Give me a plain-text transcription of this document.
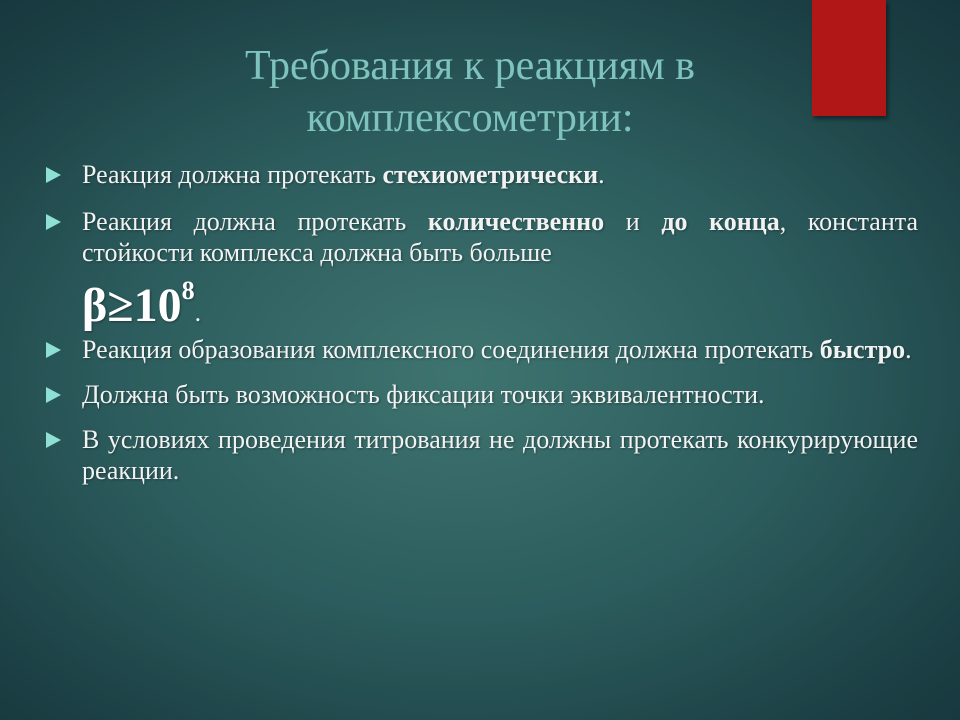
Требования к реакциям в
комплексометрии:
Реакция должна протекать стехиометрически.
Реакция должна протекать количественно и до конца, константа стойкости комплекса должна быть больше
$\beta\ge 10^8$.
Реакция образования комплексного соединения должна протекать быстро.
Должна быть возможность фиксации точки эквивалентности.
В условиях проведения титрования не должны протекать конкурирующие реакции.
